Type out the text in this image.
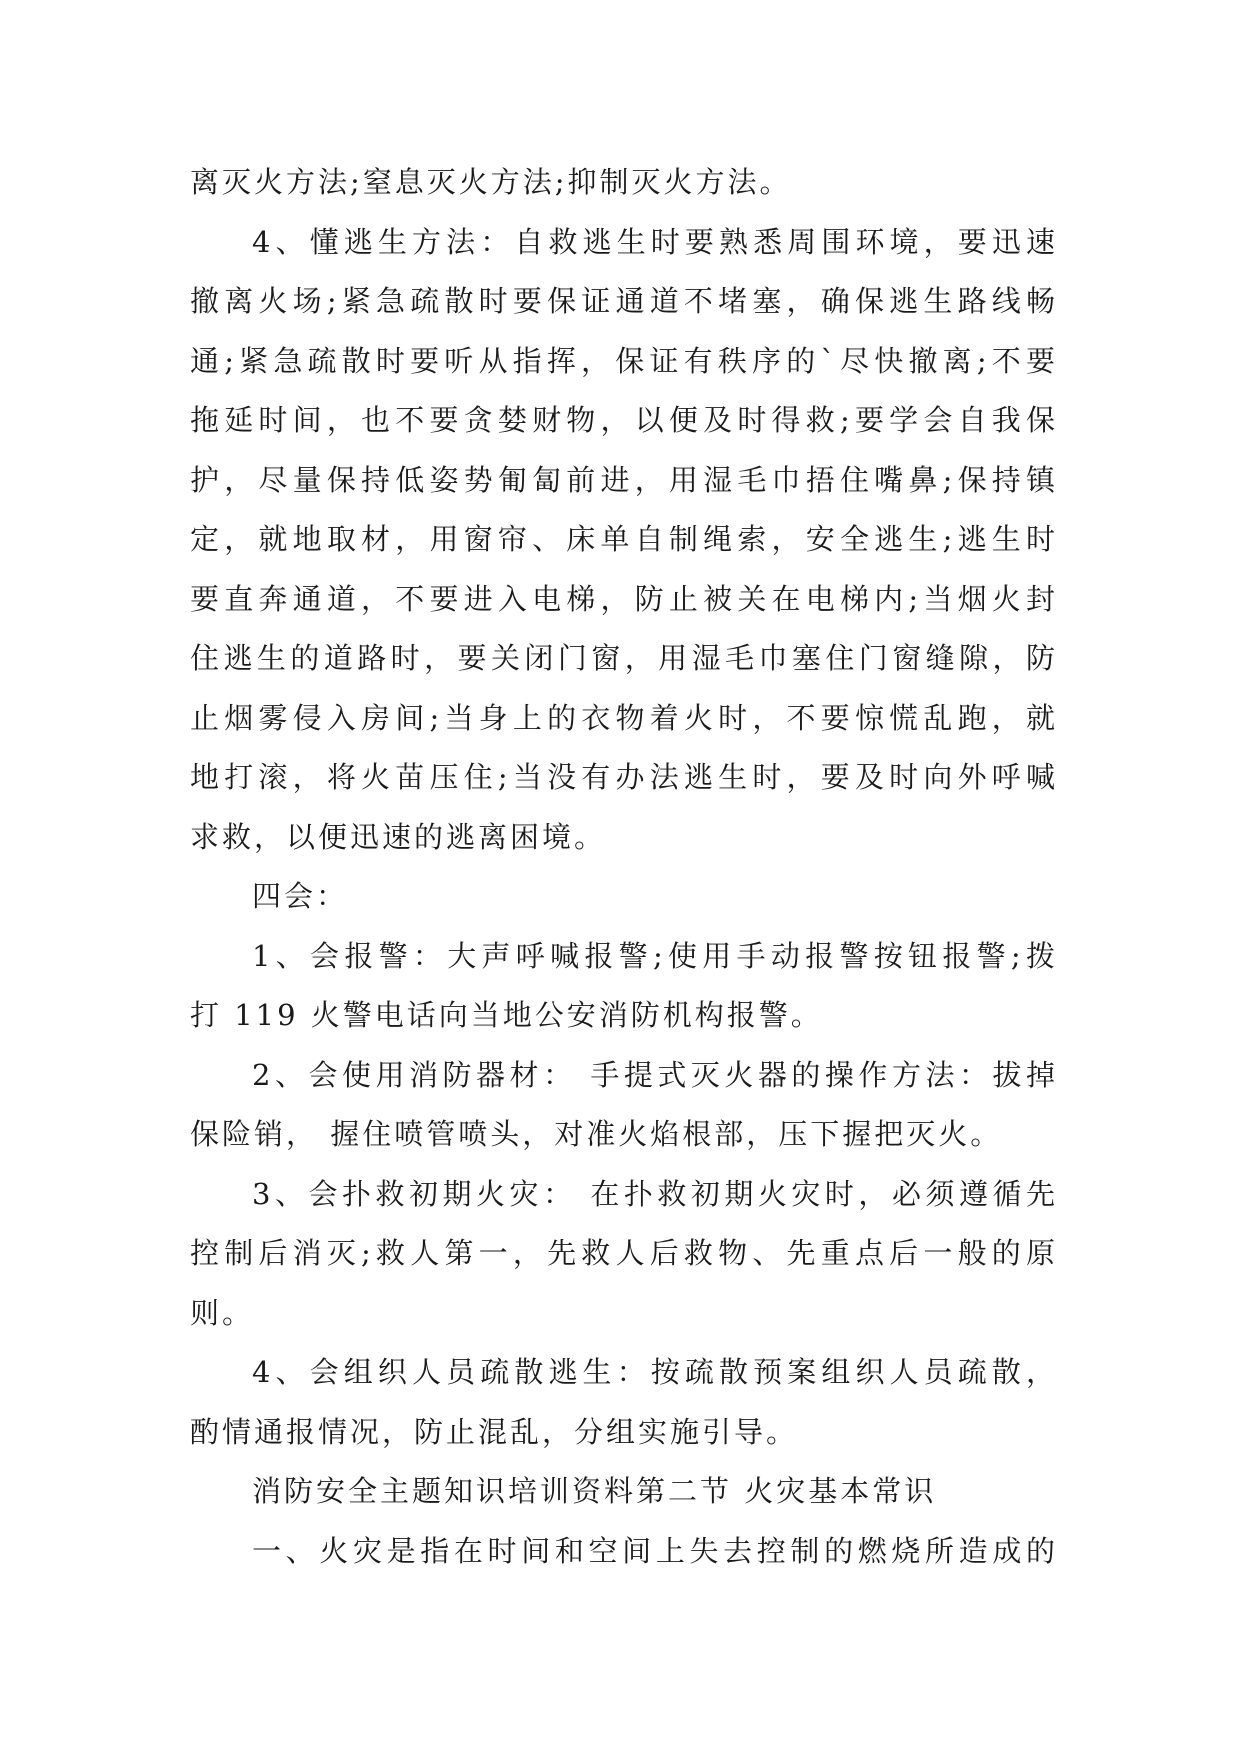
离灭火方法;窒息灭火方法;抑制灭火方法。
4、懂逃生方法：自救逃生时要熟悉周围环境，要迅速
撤离火场;紧急疏散时要保证通道不堵塞，确保逃生路线畅
通;紧急疏散时要听从指挥，保证有秩序的`尽快撤离;不要
拖延时间，也不要贪婪财物，以便及时得救;要学会自我保
护，尽量保持低姿势匍匐前进，用湿毛巾捂住嘴鼻;保持镇
定，就地取材，用窗帘、床单自制绳索，安全逃生;逃生时
要直奔通道，不要进入电梯，防止被关在电梯内;当烟火封
住逃生的道路时，要关闭门窗，用湿毛巾塞住门窗缝隙，防
止烟雾侵入房间;当身上的衣物着火时，不要惊慌乱跑，就
地打滚，将火苗压住;当没有办法逃生时，要及时向外呼喊
求救，以便迅速的逃离困境。
四会：
1、会报警：大声呼喊报警;使用手动报警按钮报警;拨
打 119 火警电话向当地公安消防机构报警。
2、会使用消防器材： 手提式灭火器的操作方法：拔掉
保险销， 握住喷管喷头，对准火焰根部，压下握把灭火。
3、会扑救初期火灾： 在扑救初期火灾时，必须遵循先
控制后消灭;救人第一，先救人后救物、先重点后一般的原
则。
4、会组织人员疏散逃生：按疏散预案组织人员疏散，
酌情通报情况，防止混乱，分组实施引导。
消防安全主题知识培训资料第二节 火灾基本常识
一、火灾是指在时间和空间上失去控制的燃烧所造成的
